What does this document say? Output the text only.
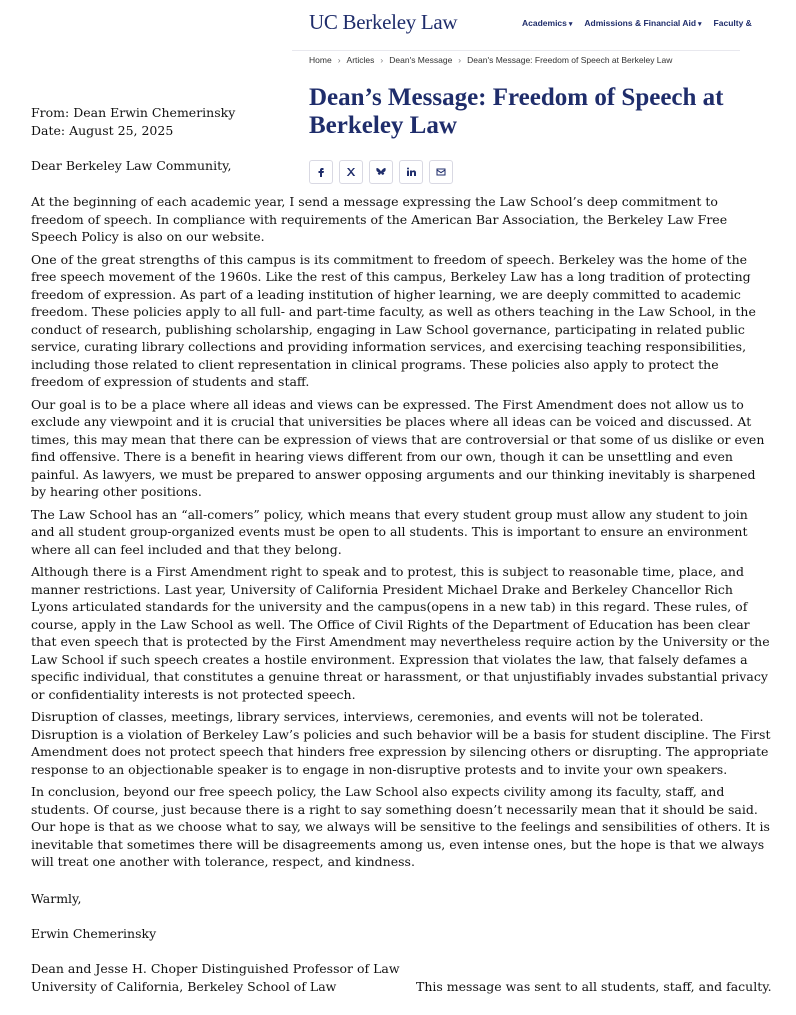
UC Berkeley Law	Academics ▾ Admissions & Financial Aid ▾ Faculty &
Home › Articles › Dean's Message › Dean's Message: Freedom of Speech at Berkeley Law
Dean’s Message: Freedom of Speech at Berkeley Law
From: Dean Erwin Chemerinsky
Date: August 25, 2025
Dear Berkeley Law Community,

At the beginning of each academic year, I send a message expressing the Law School’s deep commitment to freedom of speech. In compliance with requirements of the American Bar Association, the Berkeley Law Free Speech Policy is also on our website.

One of the great strengths of this campus is its commitment to freedom of speech. Berkeley was the home of the free speech movement of the 1960s. Like the rest of this campus, Berkeley Law has a long tradition of protecting freedom of expression. As part of a leading institution of higher learning, we are deeply committed to academic freedom. These policies apply to all full- and part-time faculty, as well as others teaching in the Law School, in the conduct of research, publishing scholarship, engaging in Law School governance, participating in related public service, curating library collections and providing information services, and exercising teaching responsibilities, including those related to client representation in clinical programs. These policies also apply to protect the freedom of expression of students and staff.

Our goal is to be a place where all ideas and views can be expressed. The First Amendment does not allow us to exclude any viewpoint and it is crucial that universities be places where all ideas can be voiced and discussed. At times, this may mean that there can be expression of views that are controversial or that some of us dislike or even find offensive. There is a benefit in hearing views different from our own, though it can be unsettling and even painful. As lawyers, we must be prepared to answer opposing arguments and our thinking inevitably is sharpened by hearing other positions.

The Law School has an “all-comers” policy, which means that every student group must allow any student to join and all student group-organized events must be open to all students. This is important to ensure an environment where all can feel included and that they belong.

Although there is a First Amendment right to speak and to protest, this is subject to reasonable time, place, and manner restrictions. Last year, University of California President Michael Drake and Berkeley Chancellor Rich Lyons articulated standards for the university and the campus(opens in a new tab) in this regard. These rules, of course, apply in the Law School as well. The Office of Civil Rights of the Department of Education has been clear that even speech that is protected by the First Amendment may nevertheless require action by the University or the Law School if such speech creates a hostile environment. Expression that violates the law, that falsely defames a specific individual, that constitutes a genuine threat or harassment, or that unjustifiably invades substantial privacy or confidentiality interests is not protected speech.

Disruption of classes, meetings, library services, interviews, ceremonies, and events will not be tolerated. Disruption is a violation of Berkeley Law’s policies and such behavior will be a basis for student discipline. The First Amendment does not protect speech that hinders free expression by silencing others or disrupting. The appropriate response to an objectionable speaker is to engage in non-disruptive protests and to invite your own speakers.

In conclusion, beyond our free speech policy, the Law School also expects civility among its faculty, staff, and students. Of course, just because there is a right to say something doesn’t necessarily mean that it should be said. Our hope is that as we choose what to say, we always will be sensitive to the feelings and sensibilities of others. It is inevitable that sometimes there will be disagreements among us, even intense ones, but the hope is that we always will treat one another with tolerance, respect, and kindness.

Warmly,
Erwin Chemerinsky
Dean and Jesse H. Choper Distinguished Professor of Law
University of California, Berkeley School of Law	This message was sent to all students, staff, and faculty.
